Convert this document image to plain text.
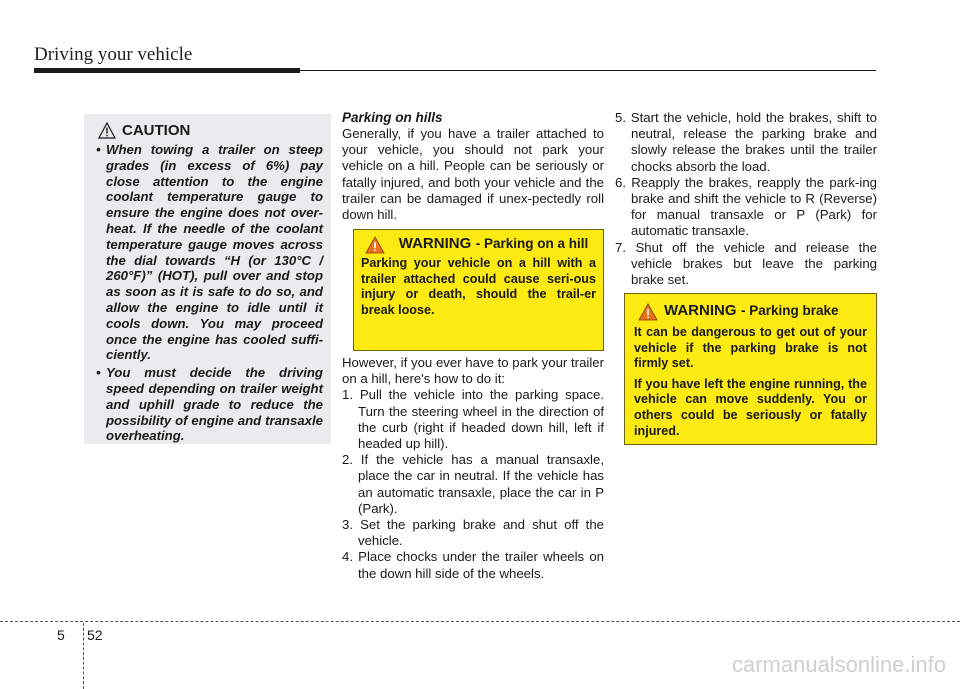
Driving your vehicle
CAUTION
• When towing a trailer on steep grades (in excess of 6%) pay close attention to the engine coolant temperature gauge to ensure the engine does not over-heat. If the needle of the coolant temperature gauge moves across the dial towards “H (or 130°C / 260°F)” (HOT), pull over and stop as soon as it is safe to do so, and allow the engine to idle until it cools down. You may proceed once the engine has cooled suffi-ciently.
• You must decide the driving speed depending on trailer weight and uphill grade to reduce the possibility of engine and transaxle overheating.
Parking on hills

Generally, if you have a trailer attached to your vehicle, you should not park your vehicle on a hill. People can be seriously or fatally injured, and both your vehicle and the trailer can be damaged if unex-pectedly roll down hill.

WARNING - Parking on a hill

Parking your vehicle on a hill with a trailer attached could cause seri-ous injury or death, should the trail-er break loose.

However, if you ever have to park your trailer on a hill, here's how to do it:

1. Pull the vehicle into the parking space. Turn the steering wheel in the direction of the curb (right if headed down hill, left if headed up hill).
2. If the vehicle has a manual transaxle, place the car in neutral. If the vehicle has an automatic transaxle, place the car in P (Park).
3. Set the parking brake and shut off the vehicle.
4. Place chocks under the trailer wheels on the down hill side of the wheels.
5. Start the vehicle, hold the brakes, shift to neutral, release the parking brake and slowly release the brakes until the trailer chocks absorb the load.
6. Reapply the brakes, reapply the park-ing brake and shift the vehicle to R (Reverse) for manual transaxle or P (Park) for automatic transaxle.
7. Shut off the vehicle and release the vehicle brakes but leave the parking brake set.
WARNING - Parking brake

It can be dangerous to get out of your vehicle if the parking brake is not firmly set.

If you have left the engine running, the vehicle can move suddenly. You or others could be seriously or fatally injured.

5 52
carmanualsonline.info
